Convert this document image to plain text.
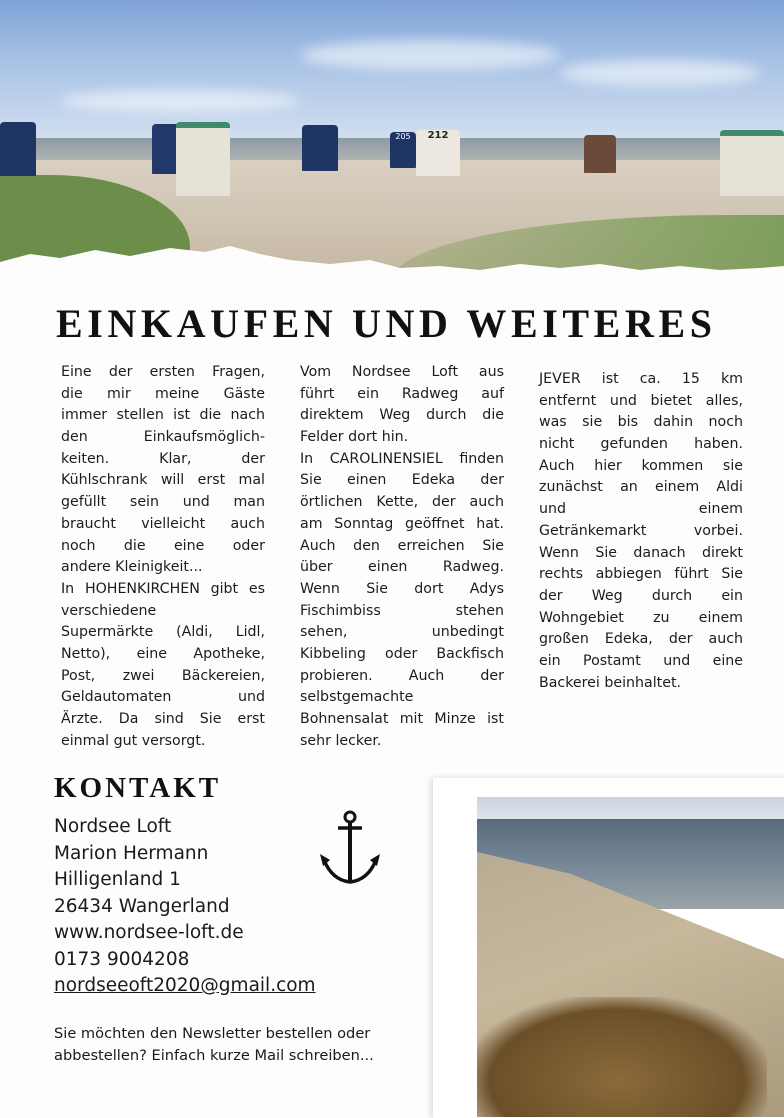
205	212
EINKAUFEN UND WEITERES
Eine der ersten Fragen,
die mir meine Gäste
immer stellen ist die nach
den Einkaufsmöglich-
keiten. Klar, der
Kühlschrank will erst mal
gefüllt sein und man
braucht vielleicht auch
noch die eine oder
andere Kleinigkeit...
In HOHENKIRCHEN gibt es
verschiedene
Supermärkte (Aldi, Lidl,
Netto), eine Apotheke,
Post, zwei Bäckereien,
Geldautomaten und
Ärzte. Da sind Sie erst
einmal gut versorgt.
Vom Nordsee Loft aus
führt ein Radweg auf
direktem Weg durch die
Felder dort hin.
In CAROLINENSIEL finden
Sie einen Edeka der
örtlichen Kette, der auch
am Sonntag geöffnet hat.
Auch den erreichen Sie
über einen Radweg.
Wenn Sie dort Adys
Fischimbiss stehen
sehen, unbedingt
Kibbeling oder Backfisch
probieren. Auch der
selbstgemachte
Bohnensalat mit Minze ist
sehr lecker.
JEVER ist ca. 15 km
entfernt und bietet alles,
was sie bis dahin noch
nicht gefunden haben.
Auch hier kommen sie
zunächst an einem Aldi
und einem
Getränkemarkt vorbei.
Wenn Sie danach direkt
rechts abbiegen führt Sie
der Weg durch ein
Wohngebiet zu einem
großen Edeka, der auch
ein Postamt und eine
Backerei beinhaltet.
KONTAKT
Nordsee Loft
Marion Hermann
Hilligenland 1
26434 Wangerland
www.nordsee-loft.de
0173 9004208
nordseeoft2020@gmail.com
Sie möchten den Newsletter bestellen oder
abbestellen? Einfach kurze Mail schreiben...
